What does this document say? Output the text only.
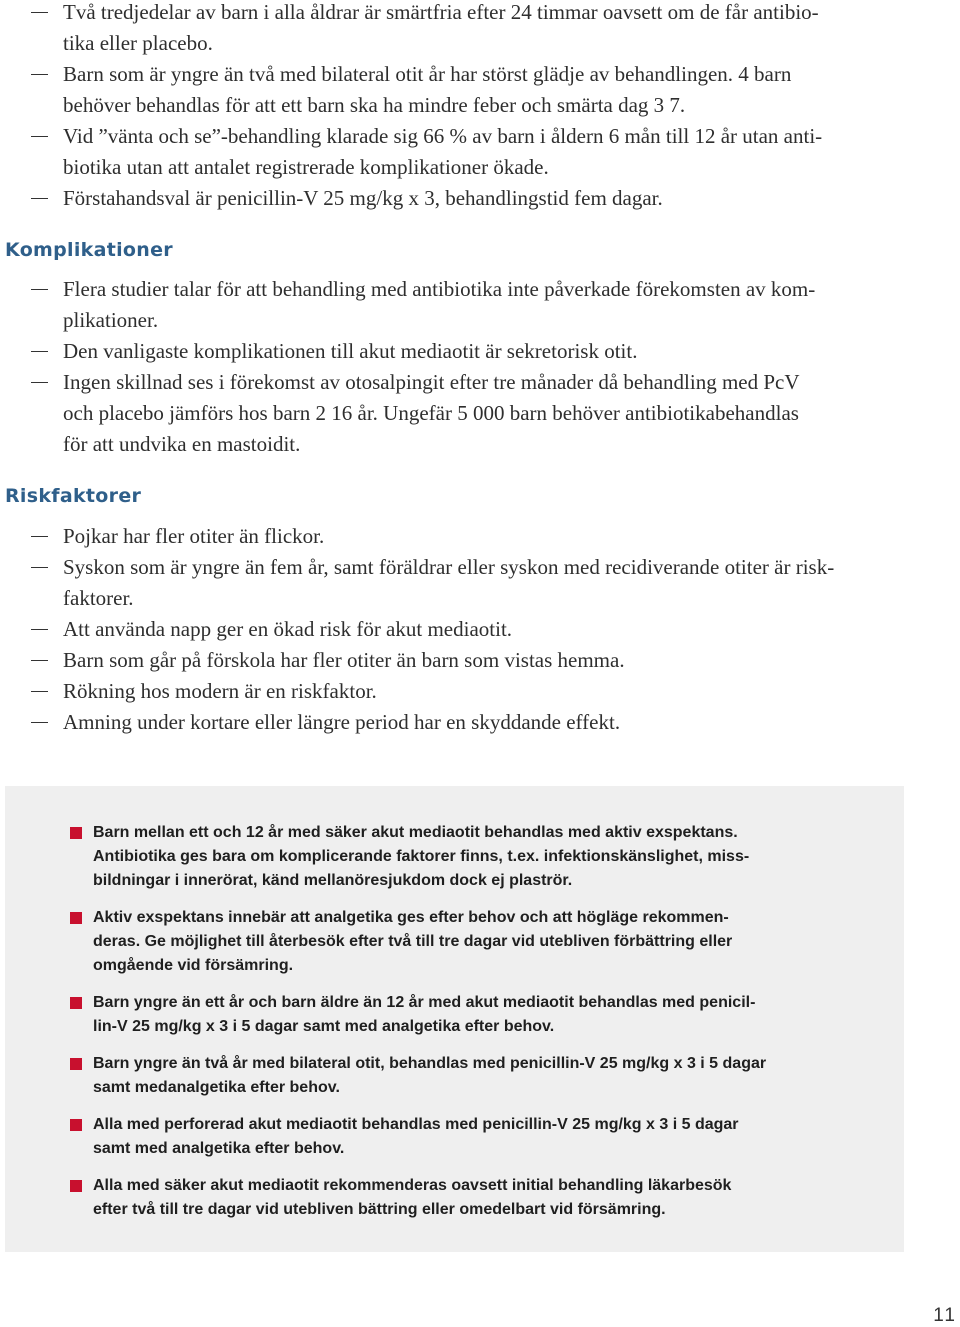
Två tredjedelar av barn i alla åldrar är smärtfria efter 24 timmar oavsett om de får antibio-
tika eller placebo.
Barn som är yngre än två med bilateral otit år har störst glädje av behandlingen. 4 barn
behöver behandlas för att ett barn ska ha mindre feber och smärta dag 3 7.
Vid ”vänta och se”-behandling klarade sig 66 % av barn i åldern 6 mån till 12 år utan anti-
biotika utan att antalet registrerade komplikationer ökade.
Förstahandsval är penicillin-V 25 mg/kg x 3, behandlingstid fem dagar.
Komplikationer
Flera studier talar för att behandling med antibiotika inte påverkade förekomsten av kom-
plikationer.
Den vanligaste komplikationen till akut mediaotit är sekretorisk otit.
Ingen skillnad ses i förekomst av otosalpingit efter tre månader då behandling med PcV
och placebo jämförs hos barn 2 16 år. Ungefär 5 000 barn behöver antibiotikabehandlas
för att undvika en mastoidit.
Riskfaktorer
Pojkar har fler otiter än flickor.
Syskon som är yngre än fem år, samt föräldrar eller syskon med recidiverande otiter är risk-
faktorer.
Att använda napp ger en ökad risk för akut mediaotit.
Barn som går på förskola har fler otiter än barn som vistas hemma.
Rökning hos modern är en riskfaktor.
Amning under kortare eller längre period har en skyddande effekt.
Barn mellan ett och 12 år med säker akut mediaotit behandlas med aktiv exspektans.
Antibiotika ges bara om komplicerande faktorer finns, t.ex. infektionskänslighet, miss-
bildningar i innerörat, känd mellanöresjukdom dock ej plaströr.
Aktiv exspektans innebär att analgetika ges efter behov och att högläge rekommen-
deras. Ge möjlighet till återbesök efter två till tre dagar vid utebliven förbättring eller
omgående vid försämring.
Barn yngre än ett år och barn äldre än 12 år med akut mediaotit behandlas med penicil-
lin-V 25 mg/kg x 3 i 5 dagar samt med analgetika efter behov.
Barn yngre än två år med bilateral otit, behandlas med penicillin-V 25 mg/kg x 3 i 5 dagar
samt medanalgetika efter behov.
Alla med perforerad akut mediaotit behandlas med penicillin-V 25 mg/kg x 3 i 5 dagar
samt med analgetika efter behov.
Alla med säker akut mediaotit rekommenderas oavsett initial behandling läkarbesök
efter två till tre dagar vid utebliven bättring eller omedelbart vid försämring.
11
